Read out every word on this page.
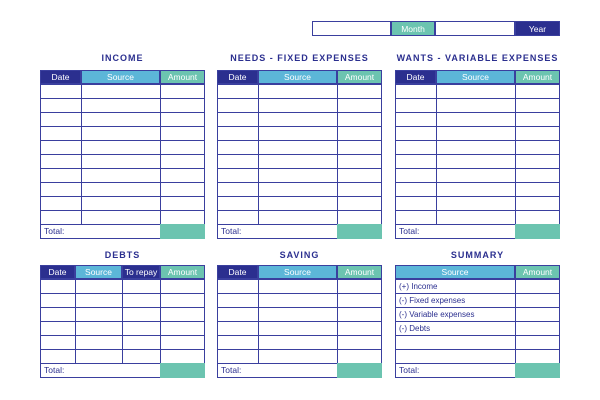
Month	Year
INCOME
Date	Source	Amount
Total:
NEEDS - FIXED EXPENSES
Date	Source	Amount
Total:
WANTS - VARIABLE EXPENSES
Date	Source	Amount
Total:
DEBTS
Date	Source	To repay	Amount
Total:
SAVING
Date	Source	Amount
Total:
SUMMARY
Source	Amount
(+) Income
(-) Fixed expenses
(-) Variable expenses
(-) Debts
Total:
